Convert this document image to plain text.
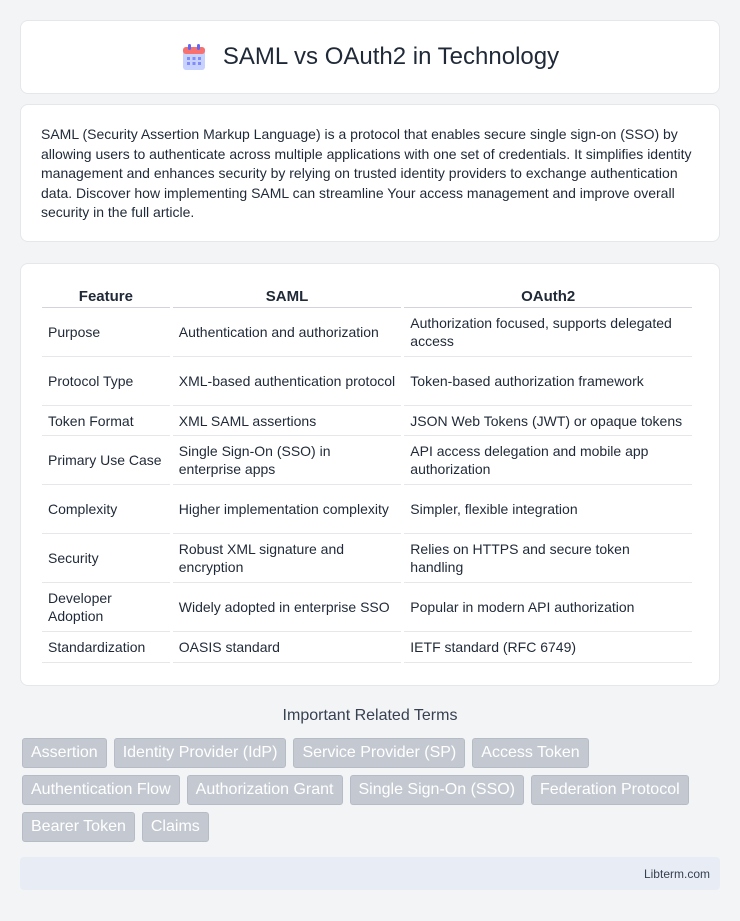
SAML vs OAuth2 in Technology

SAML (Security Assertion Markup Language) is a protocol that enables secure single sign-on (SSO) by allowing users to authenticate across multiple applications with one set of credentials. It simplifies identity management and enhances security by relying on trusted identity providers to exchange authentication data. Discover how implementing SAML can streamline Your access management and improve overall security in the full article.

Feature	SAML	OAuth2
Purpose	Authentication and authorization	Authorization focused, supports delegated access
Protocol Type	XML-based authentication protocol	Token-based authorization framework
Token Format	XML SAML assertions	JSON Web Tokens (JWT) or opaque tokens
Primary Use Case	Single Sign-On (SSO) in enterprise apps	API access delegation and mobile app authorization
Complexity	Higher implementation complexity	Simpler, flexible integration
Security	Robust XML signature and encryption	Relies on HTTPS and secure token handling
Developer Adoption	Widely adopted in enterprise SSO	Popular in modern API authorization
Standardization	OASIS standard	IETF standard (RFC 6749)
Important Related Terms
Assertion	Identity Provider (IdP)	Service Provider (SP)	Access Token
Authentication Flow	Authorization Grant	Single Sign-On (SSO)	Federation Protocol
Bearer Token	Claims
Libterm.com
